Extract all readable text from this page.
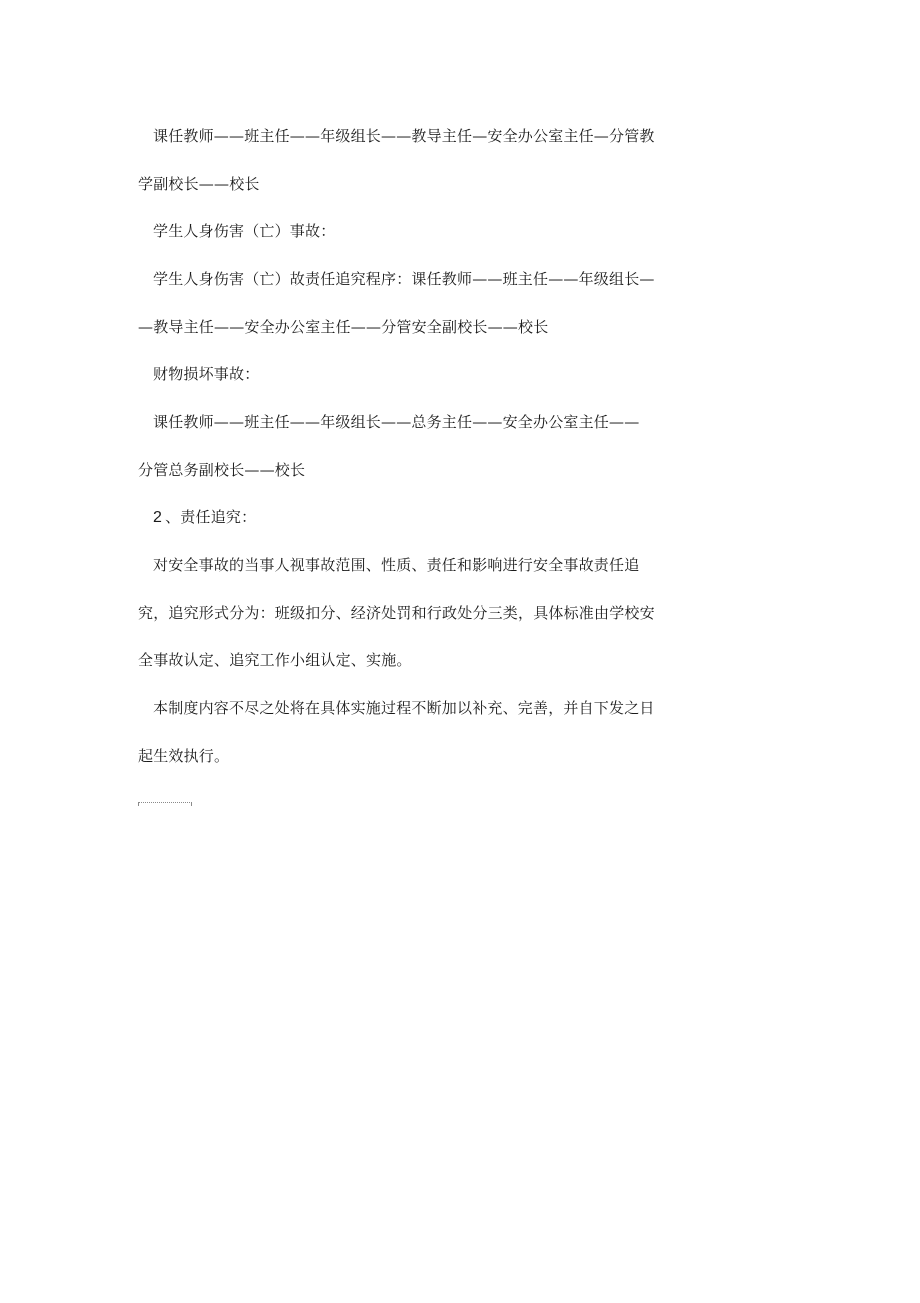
课任教师——班主任——年级组长——教导主任—安全办公室主任—分管教
学副校长——校长
学生人身伤害（亡）事故：
学生人身伤害（亡）故责任追究程序：课任教师——班主任——年级组长—
—教导主任——安全办公室主任——分管安全副校长——校长
财物损坏事故：
课任教师——班主任——年级组长——总务主任——安全办公室主任——
分管总务副校长——校长
2 、责任追究：
对安全事故的当事人视事故范围、性质、责任和影响进行安全事故责任追
究，追究形式分为：班级扣分、经济处罚和行政处分三类，具体标准由学校安
全事故认定、追究工作小组认定、实施。
本制度内容不尽之处将在具体实施过程不断加以补充、完善，并自下发之日
起生效执行。
